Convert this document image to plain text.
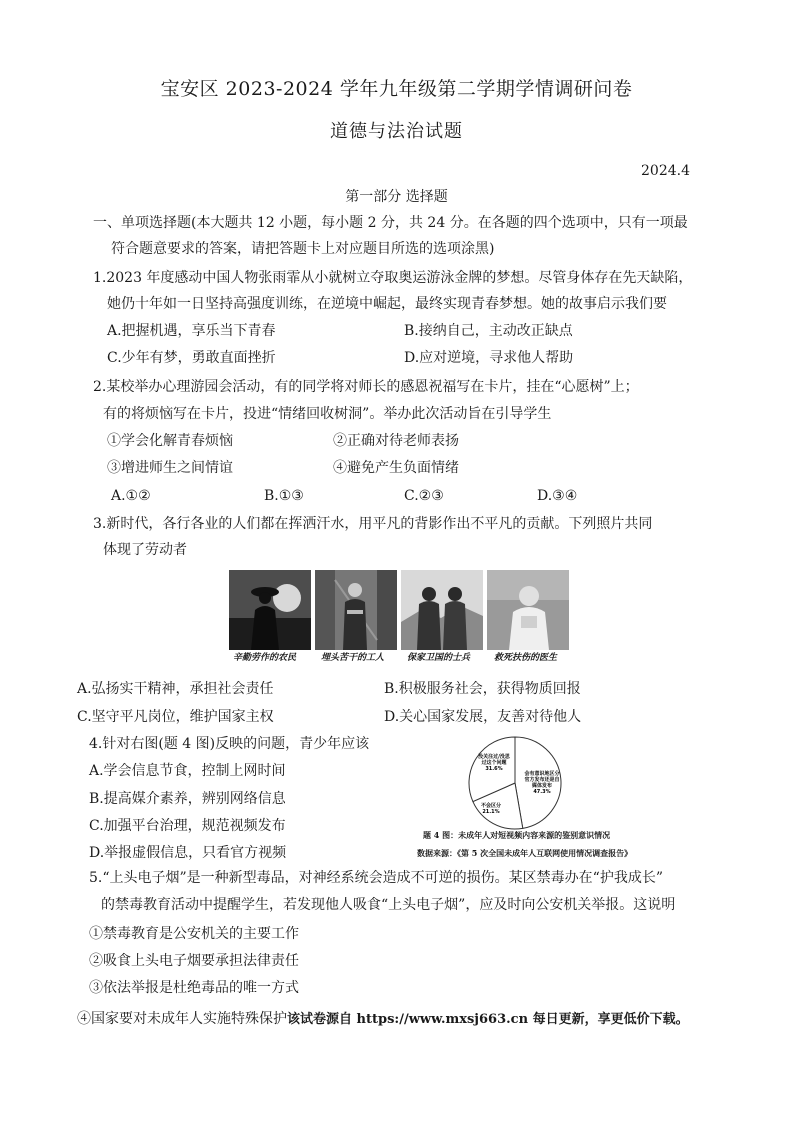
宝安区 2023-2024 学年九年级第二学期学情调研问卷
道德与法治试题
2024.4
第一部分 选择题
一、单项选择题(本大题共 12 小题，每小题 2 分，共 24 分。在各题的四个选项中，只有一项最
符合题意要求的答案，请把答题卡上对应题目所选的选项涂黑)
1.2023 年度感动中国人物张雨霏从小就树立夺取奥运游泳金牌的梦想。尽管身体存在先天缺陷，
她仍十年如一日坚持高强度训练，在逆境中崛起，最终实现青春梦想。她的故事启示我们要
A.把握机遇，享乐当下青春	B.接纳自己，主动改正缺点
C.少年有梦，勇敢直面挫折	D.应对逆境，寻求他人帮助
2.某校举办心理游园会活动，有的同学将对师长的感恩祝福写在卡片，挂在“心愿树”上；
有的将烦恼写在卡片，投进“情绪回收树洞”。举办此次活动旨在引导学生
①学会化解青春烦恼	②正确对待老师表扬
③增进师生之间情谊	④避免产生负面情绪
A.①②	B.①③	C.②③	D.③④
3.新时代，各行各业的人们都在挥洒汗水，用平凡的背影作出不平凡的贡献。下列照片共同
体现了劳动者
辛勤劳作的农民	埋头苦干的工人	保家卫国的士兵	救死扶伤的医生
A.弘扬实干精神，承担社会责任	B.积极服务社会，获得物质回报
C.坚守平凡岗位，维护国家主权	D.关心国家发展，友善对待他人
4.针对右图(题 4 图)反映的问题，青少年应该
A.学会信息节食，控制上网时间
B.提高媒介素养，辨别网络信息
C.加强平台治理，规范视频发布
D.举报虚假信息，只看官方视频
会有意识地区分
官方发布还是自
媒体发布
47.3%
没关注过/没思
过这个问题
31.6%
不会区分
21.1%
题 4 图：未成年人对短视频内容来源的鉴别意识情况
数据来源：《第 5 次全国未成年人互联网使用情况调查报告》
5.“上头电子烟”是一种新型毒品，对神经系统会造成不可逆的损伤。某区禁毒办在“护我成长”
的禁毒教育活动中提醒学生，若发现他人吸食“上头电子烟”，应及时向公安机关举报。这说明
①禁毒教育是公安机关的主要工作
②吸食上头电子烟要承担法律责任
③依法举报是杜绝毒品的唯一方式
④国家要对未成年人实施特殊保护该试卷源自 https://www.mxsj663.cn 每日更新，享更低价下载。
